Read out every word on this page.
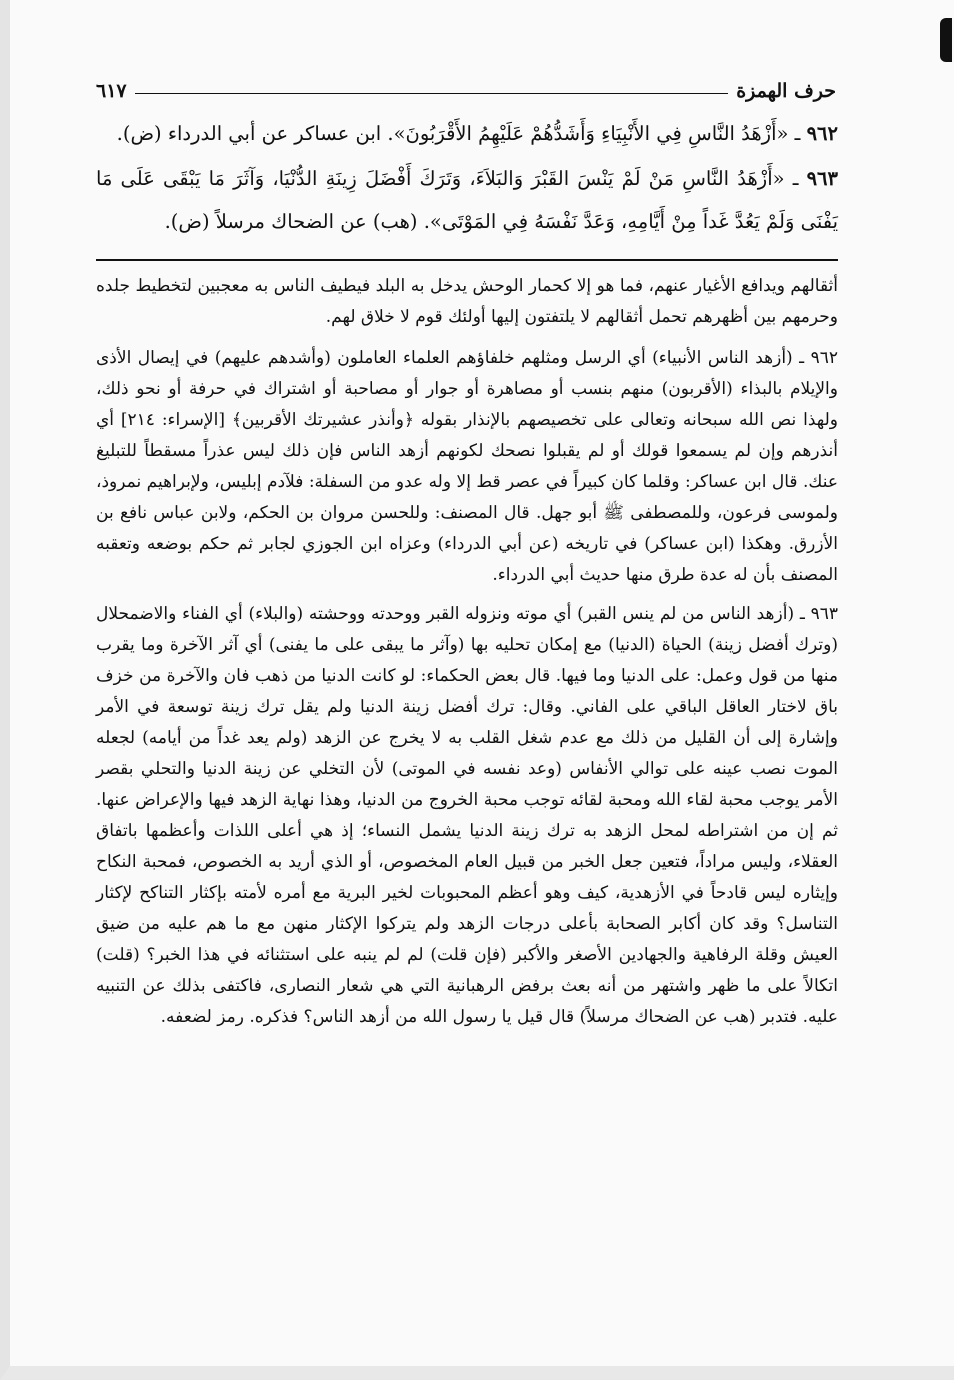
حرف الهمزة
٦١٧

٩٦٢ ـ «أَزْهَدُ النَّاسِ فِي الأَنْبِيَاءِ وَأَشَدُّهُمْ عَلَيْهِمُ الأَقْرَبُونَ». ابن عساكر عن أبي الدرداء (ض).

٩٦٣ ـ «أَزْهَدُ النَّاسِ مَنْ لَمْ يَنْسَ القَبْرَ وَالبَلاَءَ، وَتَرَكَ أَفْضَلَ زِينَةِ الدُّنْيَا، وَآثَرَ مَا يَبْقَى عَلَى مَا يَفْنَى وَلَمْ يَعُدَّ غَداً مِنْ أَيَّامِهِ، وَعَدَّ نَفْسَهُ فِي المَوْتَى». (هب) عن الضحاك مرسلاً (ض).

أثقالهم ويدافع الأغيار عنهم، فما هو إلا كحمار الوحش يدخل به البلد فيطيف الناس به معجبين لتخطيط جلده وحرمهم بين أظهرهم تحمل أثقالهم لا يلتفتون إليها أولئك قوم لا خلاق لهم.

٩٦٢ ـ (أزهد الناس الأنبياء) أي الرسل ومثلهم خلفاؤهم العلماء العاملون (وأشدهم عليهم) في إيصال الأذى والإيلام بالبذاء (الأقربون) منهم بنسب أو مصاهرة أو جوار أو مصاحبة أو اشتراك في حرفة أو نحو ذلك، ولهذا نص الله سبحانه وتعالى على تخصيصهم بالإنذار بقوله ﴿وأنذر عشيرتك الأقربين﴾ [الإسراء: ٢١٤] أي أنذرهم وإن لم يسمعوا قولك أو لم يقبلوا نصحك لكونهم أزهد الناس فإن ذلك ليس عذراً مسقطاً للتبليغ عنك. قال ابن عساكر: وقلما كان كبيراً في عصر قط إلا وله عدو من السفلة: فلآدم إبليس، ولإبراهيم نمروذ، ولموسى فرعون، وللمصطفى ﷺ أبو جهل. قال المصنف: وللحسن مروان بن الحكم، ولابن عباس نافع بن الأزرق. وهكذا (ابن عساكر) في تاريخه (عن أبي الدرداء) وعزاه ابن الجوزي لجابر ثم حكم بوضعه وتعقبه المصنف بأن له عدة طرق منها حديث أبي الدرداء.

٩٦٣ ـ (أزهد الناس من لم ينس القبر) أي موته ونزوله القبر ووحدته ووحشته (والبلاء) أي الفناء والاضمحلال (وترك أفضل زينة) الحياة (الدنيا) مع إمكان تحليه بها (وآثر ما يبقى على ما يفنى) أي آثر الآخرة وما يقرب منها من قول وعمل: على الدنيا وما فيها. قال بعض الحكماء: لو كانت الدنيا من ذهب فان والآخرة من خزف باق لاختار العاقل الباقي على الفاني. وقال: ترك أفضل زينة الدنيا ولم يقل ترك زينة توسعة في الأمر وإشارة إلى أن القليل من ذلك مع عدم شغل القلب به لا يخرج عن الزهد (ولم يعد غداً من أيامه) لجعله الموت نصب عينه على توالي الأنفاس (وعد نفسه في الموتى) لأن التخلي عن زينة الدنيا والتحلي بقصر الأمر يوجب محبة لقاء الله ومحبة لقائه توجب محبة الخروج من الدنيا، وهذا نهاية الزهد فيها والإعراض عنها. ثم إن من اشتراطه لمحل الزهد به ترك زينة الدنيا يشمل النساء؛ إذ هي أعلى اللذات وأعظمها باتفاق العقلاء، وليس مراداً، فتعين جعل الخبر من قبيل العام المخصوص، أو الذي أريد به الخصوص، فمحبة النكاح وإيثاره ليس قادحاً في الأزهدية، كيف وهو أعظم المحبوبات لخير البرية مع أمره لأمته بإكثار التناكح لإكثار التناسل؟ وقد كان أكابر الصحابة بأعلى درجات الزهد ولم يتركوا الإكثار منهن مع ما هم عليه من ضيق العيش وقلة الرفاهية والجهادين الأصغر والأكبر (فإن قلت) لم لم ينبه على استثنائه في هذا الخبر؟ (قلت) اتكالاً على ما ظهر واشتهر من أنه بعث برفض الرهبانية التي هي شعار النصارى، فاكتفى بذلك عن التنبيه عليه. فتدبر (هب عن الضحاك مرسلاً) قال قيل يا رسول الله من أزهد الناس؟ فذكره. رمز لضعفه.
